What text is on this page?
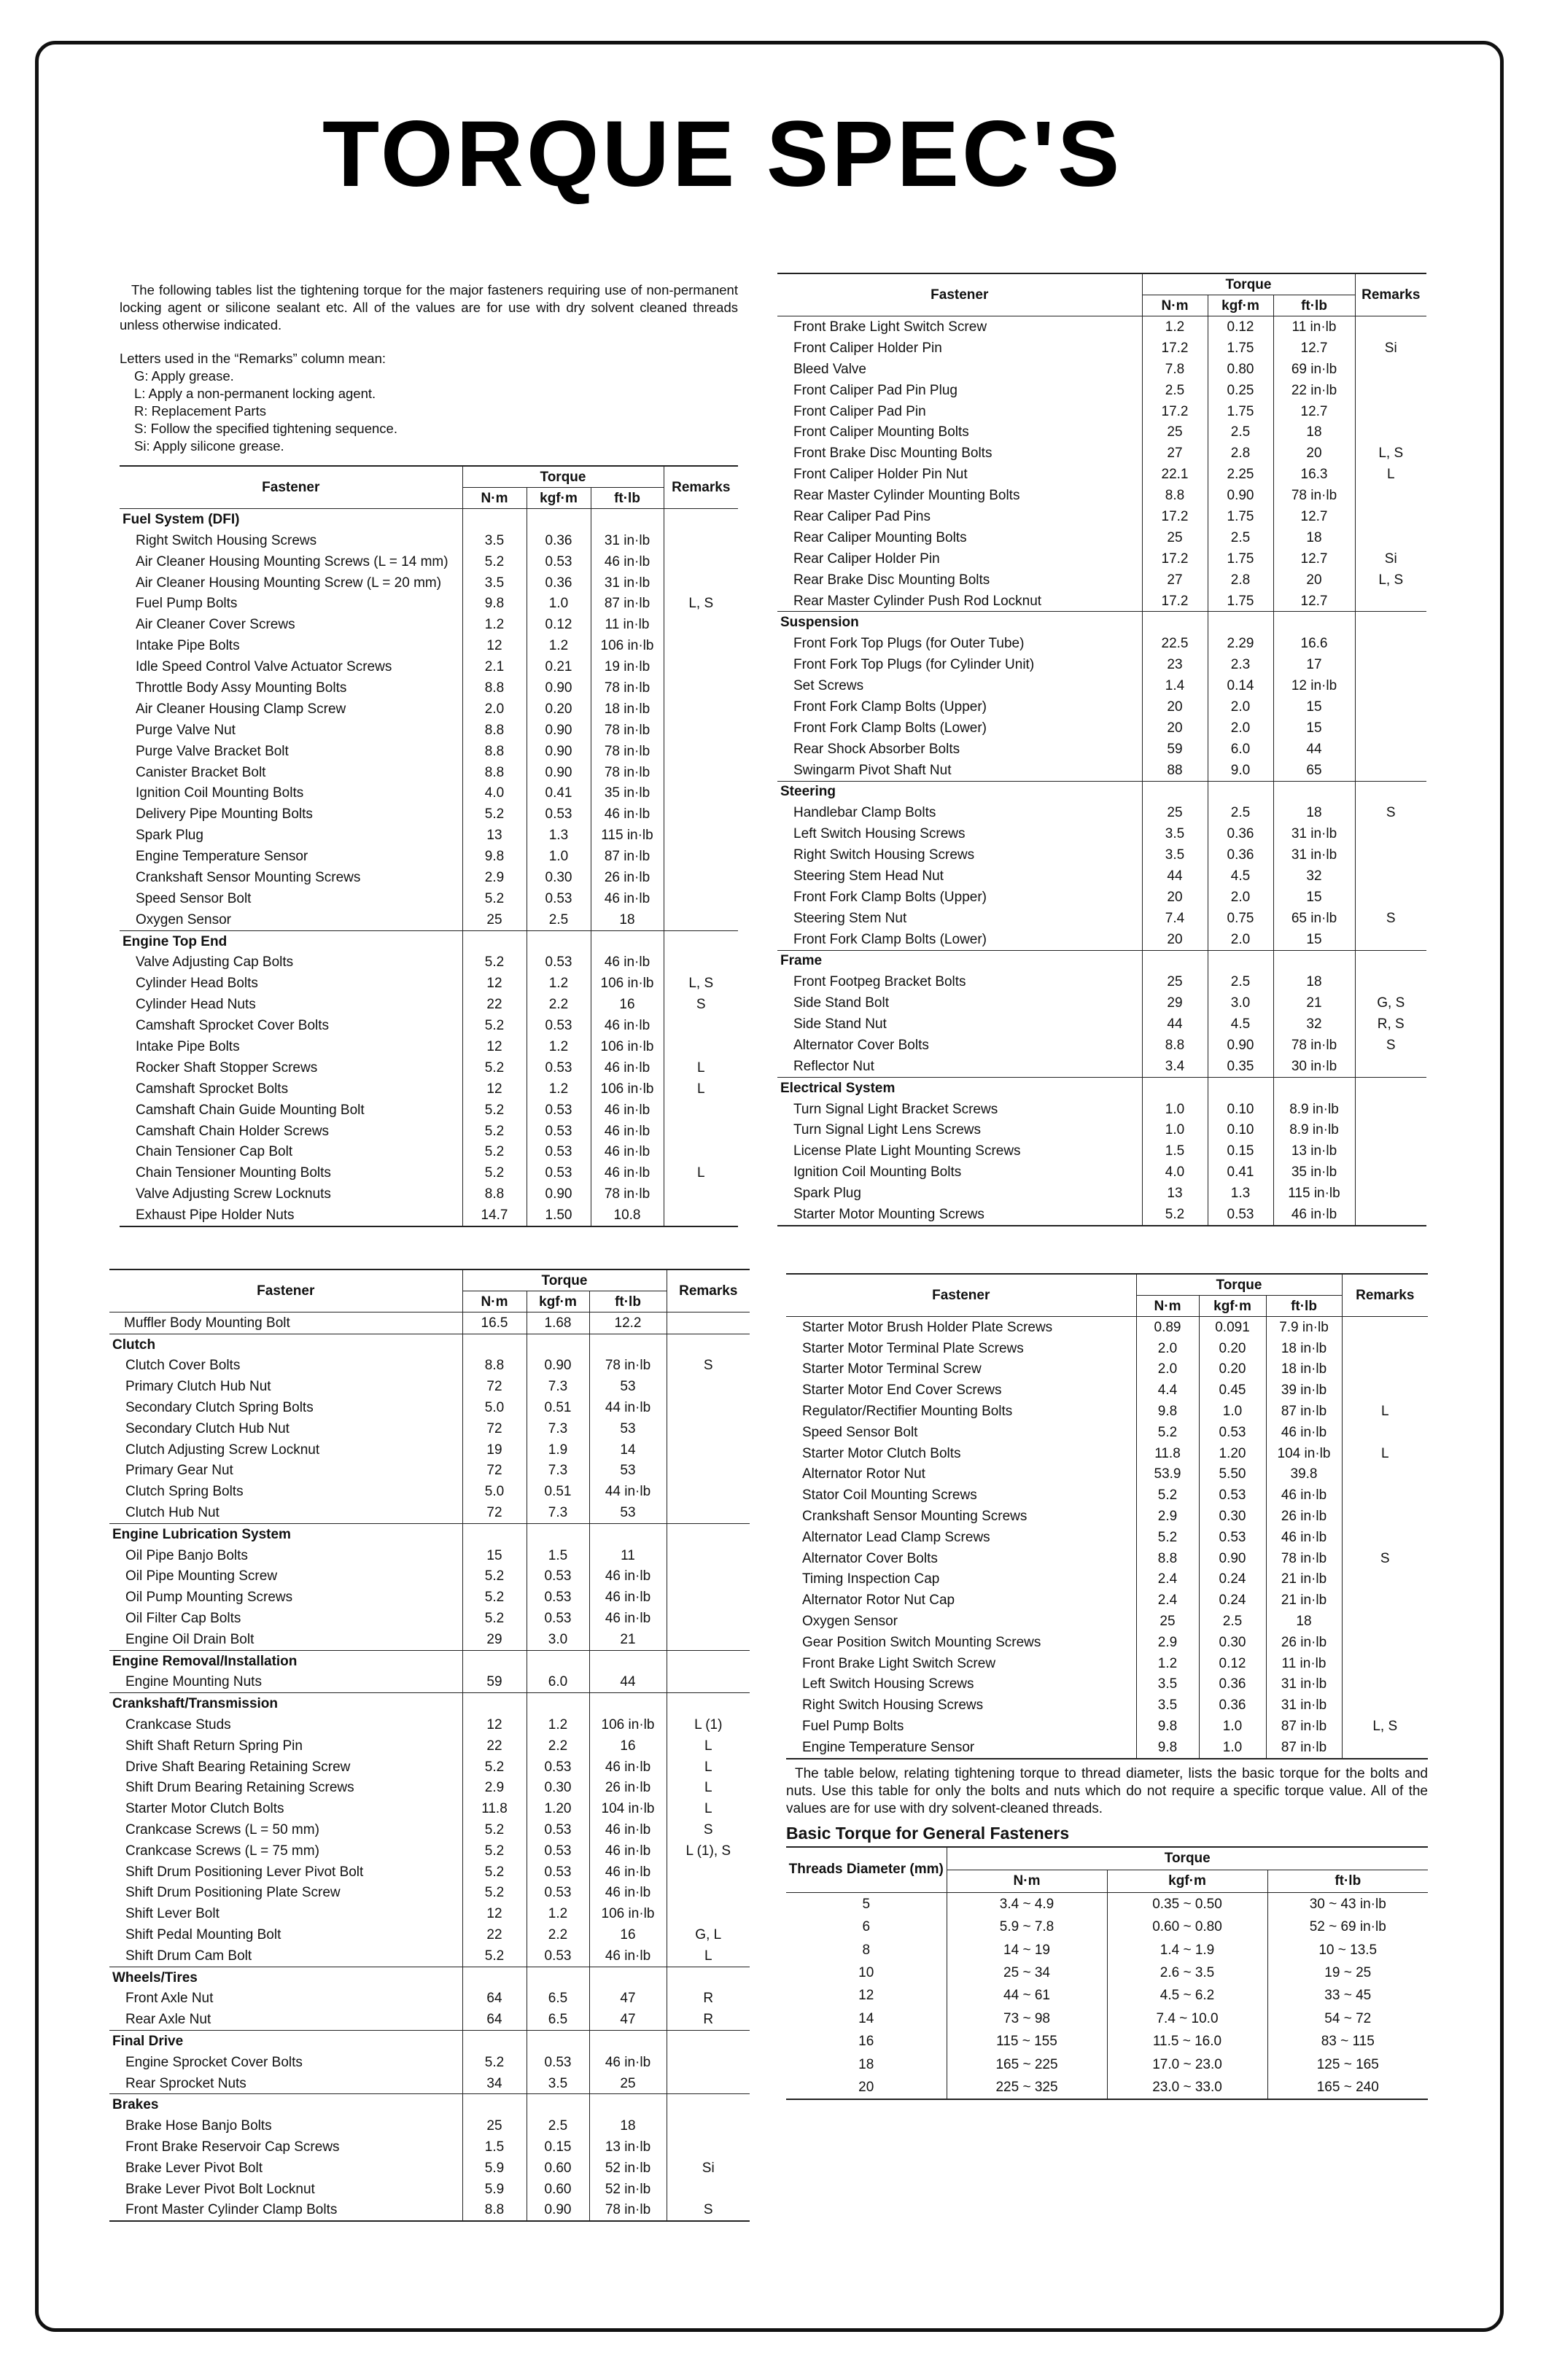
TORQUE SPEC'S

The following tables list the tightening torque for the major fasteners requiring use of non-permanent locking agent or silicone sealant etc. All of the values are for use with dry solvent cleaned threads unless otherwise indicated.

Letters used in the “Remarks” column mean:

G: Apply grease.

L: Apply a non-permanent locking agent.

R: Replacement Parts

S: Follow the specified tightening sequence.

Si: Apply silicone grease.

Fastener	Torque			Remarks
	N·m	kgf·m	ft·lb	
Fuel System (DFI)				
Right Switch Housing Screws	3.5	0.36	31 in·lb	
Air Cleaner Housing Mounting Screws (L = 14 mm)	5.2	0.53	46 in·lb	
Air Cleaner Housing Mounting Screw (L = 20 mm)	3.5	0.36	31 in·lb	
Fuel Pump Bolts	9.8	1.0	87 in·lb	L, S
Air Cleaner Cover Screws	1.2	0.12	11 in·lb	
Intake Pipe Bolts	12	1.2	106 in·lb	
Idle Speed Control Valve Actuator Screws	2.1	0.21	19 in·lb	
Throttle Body Assy Mounting Bolts	8.8	0.90	78 in·lb	
Air Cleaner Housing Clamp Screw	2.0	0.20	18 in·lb	
Purge Valve Nut	8.8	0.90	78 in·lb	
Purge Valve Bracket Bolt	8.8	0.90	78 in·lb	
Canister Bracket Bolt	8.8	0.90	78 in·lb	
Ignition Coil Mounting Bolts	4.0	0.41	35 in·lb	
Delivery Pipe Mounting Bolts	5.2	0.53	46 in·lb	
Spark Plug	13	1.3	115 in·lb	
Engine Temperature Sensor	9.8	1.0	87 in·lb	
Crankshaft Sensor Mounting Screws	2.9	0.30	26 in·lb	
Speed Sensor Bolt	5.2	0.53	46 in·lb	
Oxygen Sensor	25	2.5	18	
Engine Top End				
Valve Adjusting Cap Bolts	5.2	0.53	46 in·lb	
Cylinder Head Bolts	12	1.2	106 in·lb	L, S
Cylinder Head Nuts	22	2.2	16	S
Camshaft Sprocket Cover Bolts	5.2	0.53	46 in·lb	
Intake Pipe Bolts	12	1.2	106 in·lb	
Rocker Shaft Stopper Screws	5.2	0.53	46 in·lb	L
Camshaft Sprocket Bolts	12	1.2	106 in·lb	L
Camshaft Chain Guide Mounting Bolt	5.2	0.53	46 in·lb	
Camshaft Chain Holder Screws	5.2	0.53	46 in·lb	
Chain Tensioner Cap Bolt	5.2	0.53	46 in·lb	
Chain Tensioner Mounting Bolts	5.2	0.53	46 in·lb	L
Valve Adjusting Screw Locknuts	8.8	0.90	78 in·lb	
Exhaust Pipe Holder Nuts	14.7	1.50	10.8	
Fastener	Torque			Remarks
	N·m	kgf·m	ft·lb	
Front Brake Light Switch Screw	1.2	0.12	11 in·lb	
Front Caliper Holder Pin	17.2	1.75	12.7	Si
Bleed Valve	7.8	0.80	69 in·lb	
Front Caliper Pad Pin Plug	2.5	0.25	22 in·lb	
Front Caliper Pad Pin	17.2	1.75	12.7	
Front Caliper Mounting Bolts	25	2.5	18	
Front Brake Disc Mounting Bolts	27	2.8	20	L, S
Front Caliper Holder Pin Nut	22.1	2.25	16.3	L
Rear Master Cylinder Mounting Bolts	8.8	0.90	78 in·lb	
Rear Caliper Pad Pins	17.2	1.75	12.7	
Rear Caliper Mounting Bolts	25	2.5	18	
Rear Caliper Holder Pin	17.2	1.75	12.7	Si
Rear Brake Disc Mounting Bolts	27	2.8	20	L, S
Rear Master Cylinder Push Rod Locknut	17.2	1.75	12.7	
Suspension				
Front Fork Top Plugs (for Outer Tube)	22.5	2.29	16.6	
Front Fork Top Plugs (for Cylinder Unit)	23	2.3	17	
Set Screws	1.4	0.14	12 in·lb	
Front Fork Clamp Bolts (Upper)	20	2.0	15	
Front Fork Clamp Bolts (Lower)	20	2.0	15	
Rear Shock Absorber Bolts	59	6.0	44	
Swingarm Pivot Shaft Nut	88	9.0	65	
Steering				
Handlebar Clamp Bolts	25	2.5	18	S
Left Switch Housing Screws	3.5	0.36	31 in·lb	
Right Switch Housing Screws	3.5	0.36	31 in·lb	
Steering Stem Head Nut	44	4.5	32	
Front Fork Clamp Bolts (Upper)	20	2.0	15	
Steering Stem Nut	7.4	0.75	65 in·lb	S
Front Fork Clamp Bolts (Lower)	20	2.0	15	
Frame				
Front Footpeg Bracket Bolts	25	2.5	18	
Side Stand Bolt	29	3.0	21	G, S
Side Stand Nut	44	4.5	32	R, S
Alternator Cover Bolts	8.8	0.90	78 in·lb	S
Reflector Nut	3.4	0.35	30 in·lb	
Electrical System				
Turn Signal Light Bracket Screws	1.0	0.10	8.9 in·lb	
Turn Signal Light Lens Screws	1.0	0.10	8.9 in·lb	
License Plate Light Mounting Screws	1.5	0.15	13 in·lb	
Ignition Coil Mounting Bolts	4.0	0.41	35 in·lb	
Spark Plug	13	1.3	115 in·lb	
Starter Motor Mounting Screws	5.2	0.53	46 in·lb	
Fastener	Torque			Remarks
	N·m	kgf·m	ft·lb	
Muffler Body Mounting Bolt	16.5	1.68	12.2	
Clutch				
Clutch Cover Bolts	8.8	0.90	78 in·lb	S
Primary Clutch Hub Nut	72	7.3	53	
Secondary Clutch Spring Bolts	5.0	0.51	44 in·lb	
Secondary Clutch Hub Nut	72	7.3	53	
Clutch Adjusting Screw Locknut	19	1.9	14	
Primary Gear Nut	72	7.3	53	
Clutch Spring Bolts	5.0	0.51	44 in·lb	
Clutch Hub Nut	72	7.3	53	
Engine Lubrication System				
Oil Pipe Banjo Bolts	15	1.5	11	
Oil Pipe Mounting Screw	5.2	0.53	46 in·lb	
Oil Pump Mounting Screws	5.2	0.53	46 in·lb	
Oil Filter Cap Bolts	5.2	0.53	46 in·lb	
Engine Oil Drain Bolt	29	3.0	21	
Engine Removal/Installation				
Engine Mounting Nuts	59	6.0	44	
Crankshaft/Transmission				
Crankcase Studs	12	1.2	106 in·lb	L (1)
Shift Shaft Return Spring Pin	22	2.2	16	L
Drive Shaft Bearing Retaining Screw	5.2	0.53	46 in·lb	L
Shift Drum Bearing Retaining Screws	2.9	0.30	26 in·lb	L
Starter Motor Clutch Bolts	11.8	1.20	104 in·lb	L
Crankcase Screws (L = 50 mm)	5.2	0.53	46 in·lb	S
Crankcase Screws (L = 75 mm)	5.2	0.53	46 in·lb	L (1), S
Shift Drum Positioning Lever Pivot Bolt	5.2	0.53	46 in·lb	
Shift Drum Positioning Plate Screw	5.2	0.53	46 in·lb	
Shift Lever Bolt	12	1.2	106 in·lb	
Shift Pedal Mounting Bolt	22	2.2	16	G, L
Shift Drum Cam Bolt	5.2	0.53	46 in·lb	L
Wheels/Tires				
Front Axle Nut	64	6.5	47	R
Rear Axle Nut	64	6.5	47	R
Final Drive				
Engine Sprocket Cover Bolts	5.2	0.53	46 in·lb	
Rear Sprocket Nuts	34	3.5	25	
Brakes				
Brake Hose Banjo Bolts	25	2.5	18	
Front Brake Reservoir Cap Screws	1.5	0.15	13 in·lb	
Brake Lever Pivot Bolt	5.9	0.60	52 in·lb	Si
Brake Lever Pivot Bolt Locknut	5.9	0.60	52 in·lb	
Front Master Cylinder Clamp Bolts	8.8	0.90	78 in·lb	S
Fastener	Torque			Remarks
	N·m	kgf·m	ft·lb	
Starter Motor Brush Holder Plate Screws	0.89	0.091	7.9 in·lb	
Starter Motor Terminal Plate Screws	2.0	0.20	18 in·lb	
Starter Motor Terminal Screw	2.0	0.20	18 in·lb	
Starter Motor End Cover Screws	4.4	0.45	39 in·lb	
Regulator/Rectifier Mounting Bolts	9.8	1.0	87 in·lb	L
Speed Sensor Bolt	5.2	0.53	46 in·lb	
Starter Motor Clutch Bolts	11.8	1.20	104 in·lb	L
Alternator Rotor Nut	53.9	5.50	39.8	
Stator Coil Mounting Screws	5.2	0.53	46 in·lb	
Crankshaft Sensor Mounting Screws	2.9	0.30	26 in·lb	
Alternator Lead Clamp Screws	5.2	0.53	46 in·lb	
Alternator Cover Bolts	8.8	0.90	78 in·lb	S
Timing Inspection Cap	2.4	0.24	21 in·lb	
Alternator Rotor Nut Cap	2.4	0.24	21 in·lb	
Oxygen Sensor	25	2.5	18	
Gear Position Switch Mounting Screws	2.9	0.30	26 in·lb	
Front Brake Light Switch Screw	1.2	0.12	11 in·lb	
Left Switch Housing Screws	3.5	0.36	31 in·lb	
Right Switch Housing Screws	3.5	0.36	31 in·lb	
Fuel Pump Bolts	9.8	1.0	87 in·lb	L, S
Engine Temperature Sensor	9.8	1.0	87 in·lb	

The table below, relating tightening torque to thread diameter, lists the basic torque for the bolts and nuts. Use this table for only the bolts and nuts which do not require a specific torque value. All of the values are for use with dry solvent-cleaned threads.

Basic Torque for General Fasteners
Threads Diameter (mm)	Torque		
	N·m	kgf·m	ft·lb
5	3.4 ~ 4.9	0.35 ~ 0.50	30 ~ 43 in·lb
6	5.9 ~ 7.8	0.60 ~ 0.80	52 ~ 69 in·lb
8	14 ~ 19	1.4 ~ 1.9	10 ~ 13.5
10	25 ~ 34	2.6 ~ 3.5	19 ~ 25
12	44 ~ 61	4.5 ~ 6.2	33 ~ 45
14	73 ~ 98	7.4 ~ 10.0	54 ~ 72
16	115 ~ 155	11.5 ~ 16.0	83 ~ 115
18	165 ~ 225	17.0 ~ 23.0	125 ~ 165
20	225 ~ 325	23.0 ~ 33.0	165 ~ 240
